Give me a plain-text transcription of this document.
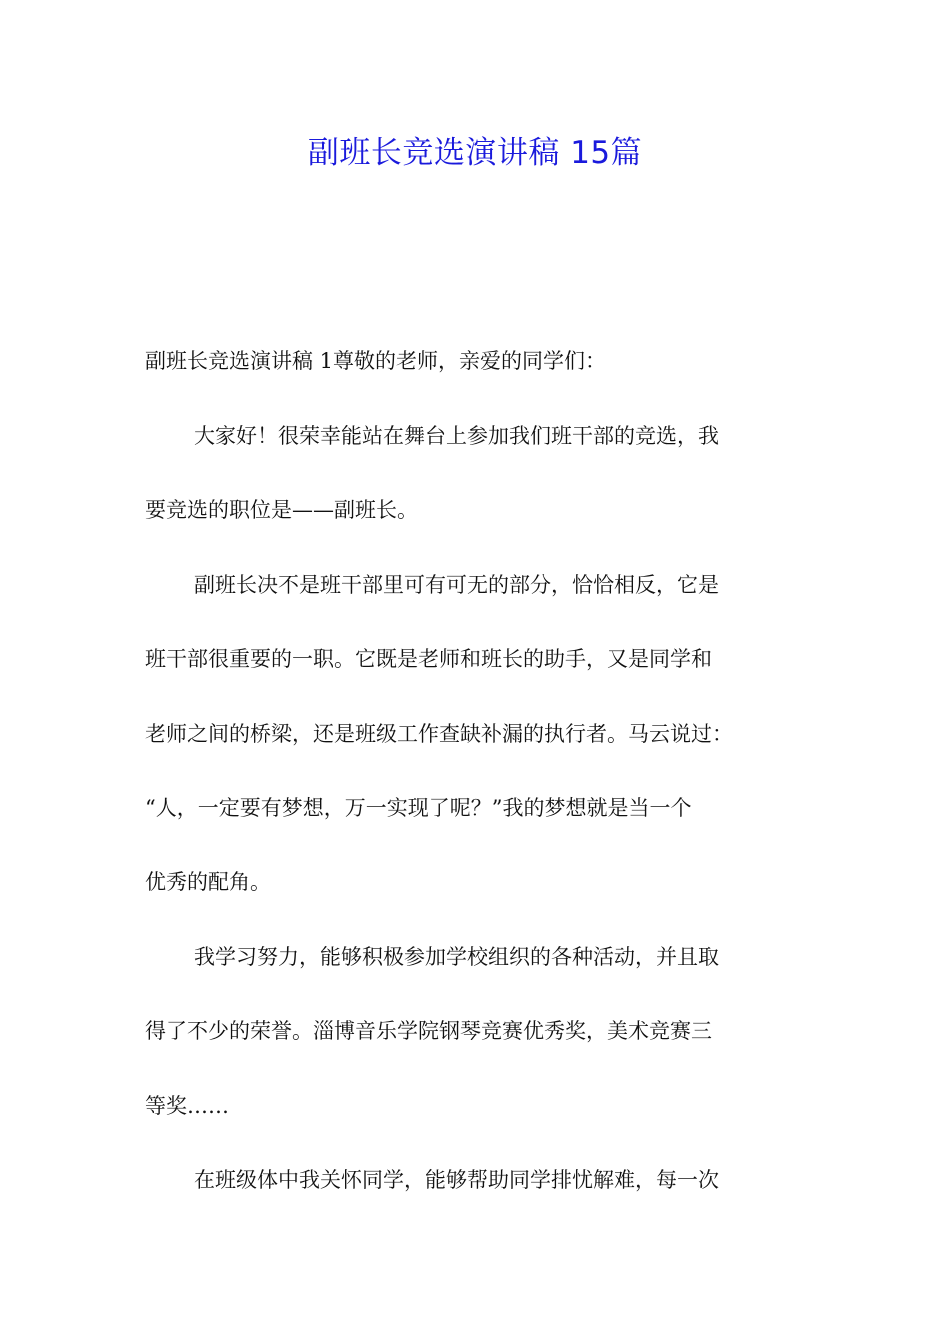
副班长竞选演讲稿 15篇

副班长竞选演讲稿 1尊敬的老师，亲爱的同学们：

大家好！很荣幸能站在舞台上参加我们班干部的竞选，我

要竞选的职位是——副班长。

副班长决不是班干部里可有可无的部分，恰恰相反，它是

班干部很重要的一职。它既是老师和班长的助手，又是同学和

老师之间的桥梁，还是班级工作查缺补漏的执行者。马云说过：

“人，一定要有梦想，万一实现了呢？”我的梦想就是当一个

优秀的配角。

我学习努力，能够积极参加学校组织的各种活动，并且取

得了不少的荣誉。淄博音乐学院钢琴竞赛优秀奖，美术竞赛三

等奖……

在班级体中我关怀同学，能够帮助同学排忧解难，每一次
